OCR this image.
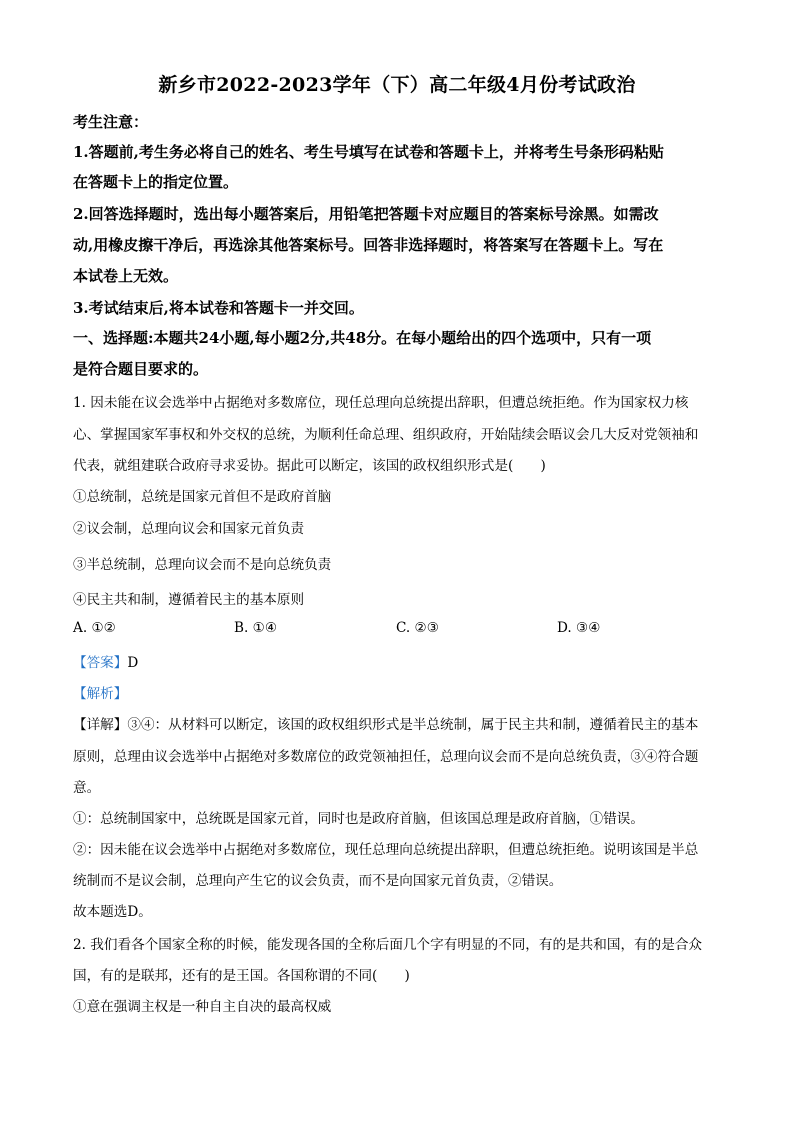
新乡市2022-2023学年（下）高二年级4月份考试政治
考生注意：
1.答题前,考生务必将自己的姓名、考生号填写在试卷和答题卡上，并将考生号条形码粘贴
在答题卡上的指定位置。
2.回答选择题时，选出每小题答案后，用铅笔把答题卡对应题目的答案标号涂黑。如需改
动,用橡皮擦干净后，再选涂其他答案标号。回答非选择题时，将答案写在答题卡上。写在
本试卷上无效。
3.考试结束后,将本试卷和答题卡一并交回。
一、选择题:本题共24小题,每小题2分,共48分。在每小题给出的四个选项中，只有一项
是符合题目要求的。
1. 因未能在议会选举中占据绝对多数席位，现任总理向总统提出辞职，但遭总统拒绝。作为国家权力核
心、掌握国家军事权和外交权的总统，为顺利任命总理、组织政府，开始陆续会晤议会几大反对党领袖和
代表，就组建联合政府寻求妥协。据此可以断定，该国的政权组织形式是(　　)
①总统制，总统是国家元首但不是政府首脑
②议会制，总理向议会和国家元首负责
③半总统制，总理向议会而不是向总统负责
④民主共和制，遵循着民主的基本原则
A. ①②	B. ①④	C. ②③	D. ③④
【答案】D
【解析】
【详解】③④：从材料可以断定，该国的政权组织形式是半总统制，属于民主共和制，遵循着民主的基本
原则，总理由议会选举中占据绝对多数席位的政党领袖担任，总理向议会而不是向总统负责，③④符合题
意。
①：总统制国家中，总统既是国家元首，同时也是政府首脑，但该国总理是政府首脑，①错误。
②：因未能在议会选举中占据绝对多数席位，现任总理向总统提出辞职，但遭总统拒绝。说明该国是半总
统制而不是议会制，总理向产生它的议会负责，而不是向国家元首负责，②错误。
故本题选D。
2. 我们看各个国家全称的时候，能发现各国的全称后面几个字有明显的不同，有的是共和国，有的是合众
国，有的是联邦，还有的是王国。各国称谓的不同(　　)
①意在强调主权是一种自主自决的最高权威
